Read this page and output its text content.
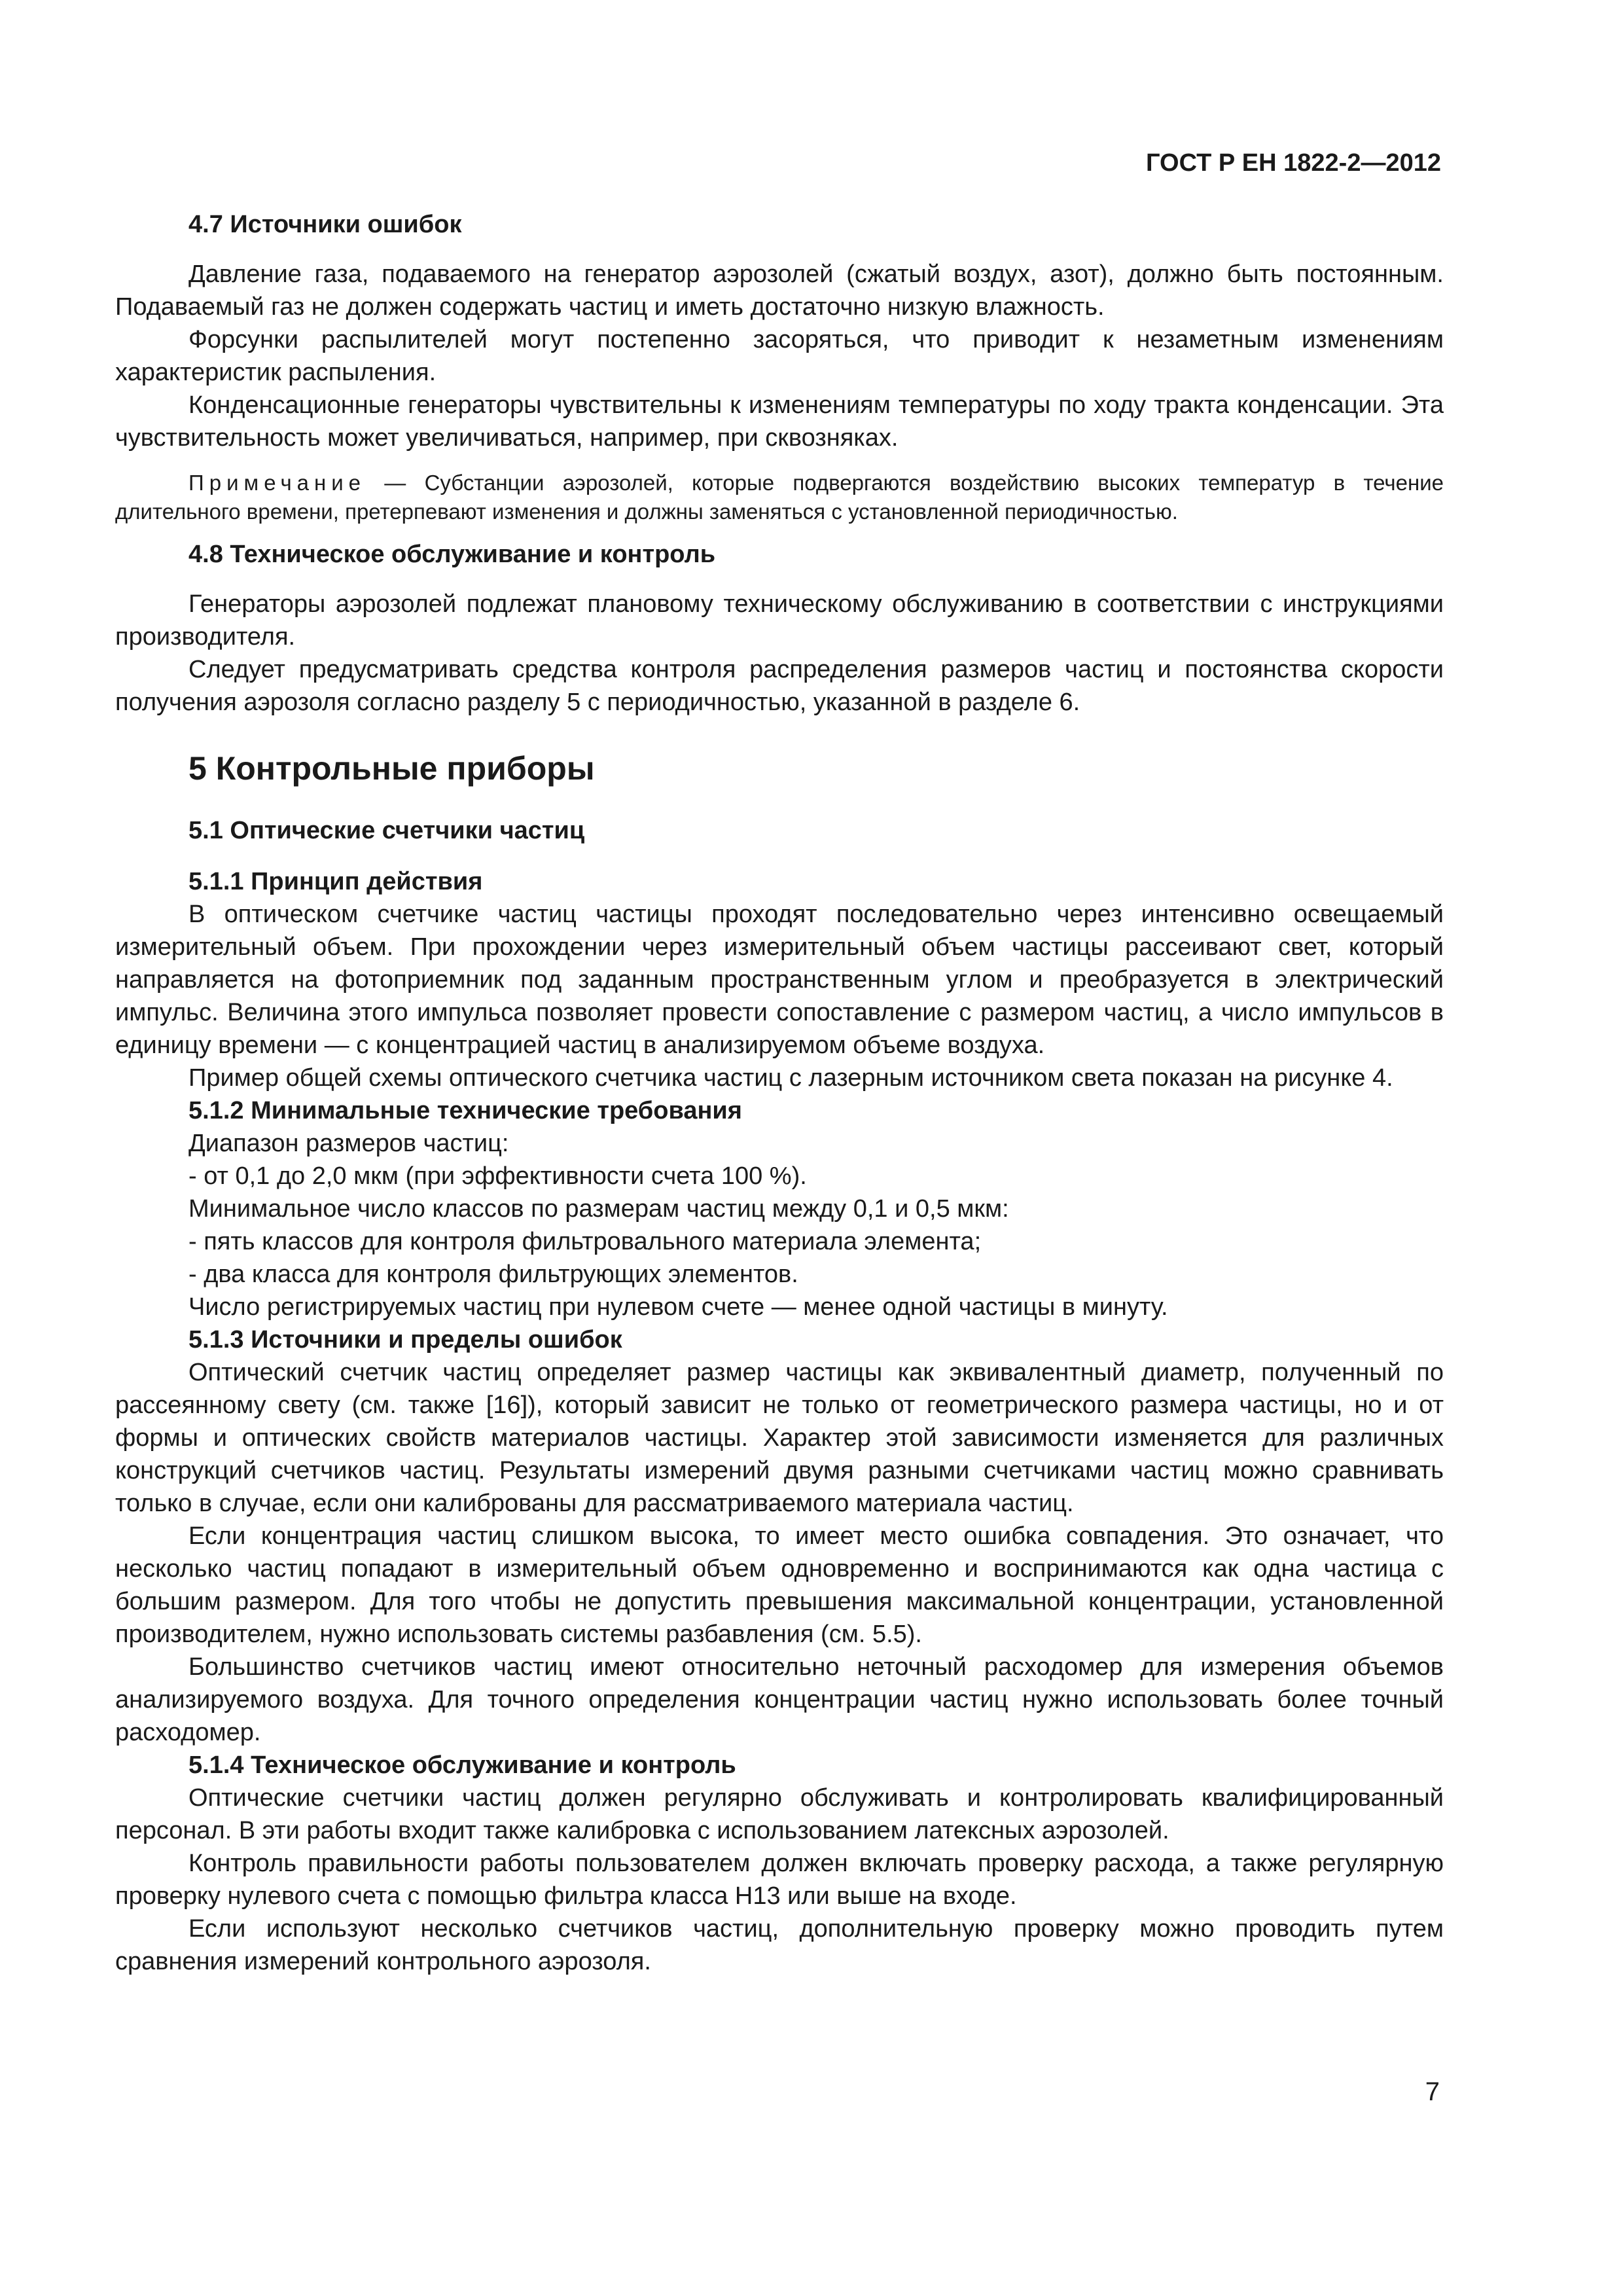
ГОСТ Р ЕН 1822-2—2012
4.7 Источники ошибок

Давление газа, подаваемого на генератор аэрозолей (сжатый воздух, азот), должно быть постоянным. Подаваемый газ не должен содержать частиц и иметь достаточно низкую влажность.

Форсунки распылителей могут постепенно засоряться, что приводит к незаметным изменениям характеристик распыления.

Конденсационные генераторы чувствительны к изменениям температуры по ходу тракта конденсации. Эта чувствительность может увеличиваться, например, при сквозняках.

Примечание — Субстанции аэрозолей, которые подвергаются воздействию высоких температур в течение длительного времени, претерпевают изменения и должны заменяться с установленной периодичностью.

4.8 Техническое обслуживание и контроль

Генераторы аэрозолей подлежат плановому техническому обслуживанию в соответствии с инструкциями производителя.

Следует предусматривать средства контроля распределения размеров частиц и постоянства скорости получения аэрозоля согласно разделу 5 с периодичностью, указанной в разделе 6.

5 Контрольные приборы
5.1 Оптические счетчики частиц
5.1.1 Принцип действия

В оптическом счетчике частиц частицы проходят последовательно через интенсивно освещаемый измерительный объем. При прохождении через измерительный объем частицы рассеивают свет, который направляется на фотоприемник под заданным пространственным углом и преобразуется в электрический импульс. Величина этого импульса позволяет провести сопоставление с размером частиц, а число импульсов в единицу времени — с концентрацией частиц в анализируемом объеме воздуха.

Пример общей схемы оптического счетчика частиц с лазерным источником света показан на рисунке 4.

5.1.2 Минимальные технические требования

Диапазон размеров частиц:

- от 0,1 до 2,0 мкм (при эффективности счета 100 %).

Минимальное число классов по размерам частиц между 0,1 и 0,5 мкм:

- пять классов для контроля фильтровального материала элемента;

- два класса для контроля фильтрующих элементов.

Число регистрируемых частиц при нулевом счете — менее одной частицы в минуту.

5.1.3 Источники и пределы ошибок

Оптический счетчик частиц определяет размер частицы как эквивалентный диаметр, полученный по рассеянному свету (см. также [16]), который зависит не только от геометрического размера частицы, но и от формы и оптических свойств материалов частицы. Характер этой зависимости изменяется для различных конструкций счетчиков частиц. Результаты измерений двумя разными счетчиками частиц можно сравнивать только в случае, если они калиброваны для рассматриваемого материала частиц.

Если концентрация частиц слишком высока, то имеет место ошибка совпадения. Это означает, что несколько частиц попадают в измерительный объем одновременно и воспринимаются как одна частица с большим размером. Для того чтобы не допустить превышения максимальной концентрации, установленной производителем, нужно использовать системы разбавления (см. 5.5).

Большинство счетчиков частиц имеют относительно неточный расходомер для измерения объемов анализируемого воздуха. Для точного определения концентрации частиц нужно использовать более точный расходомер.

5.1.4 Техническое обслуживание и контроль

Оптические счетчики частиц должен регулярно обслуживать и контролировать квалифицированный персонал. В эти работы входит также калибровка с использованием латексных аэрозолей.

Контроль правильности работы пользователем должен включать проверку расхода, а также регулярную проверку нулевого счета с помощью фильтра класса Н13 или выше на входе.

Если используют несколько счетчиков частиц, дополнительную проверку можно проводить путем сравнения измерений контрольного аэрозоля.

7
